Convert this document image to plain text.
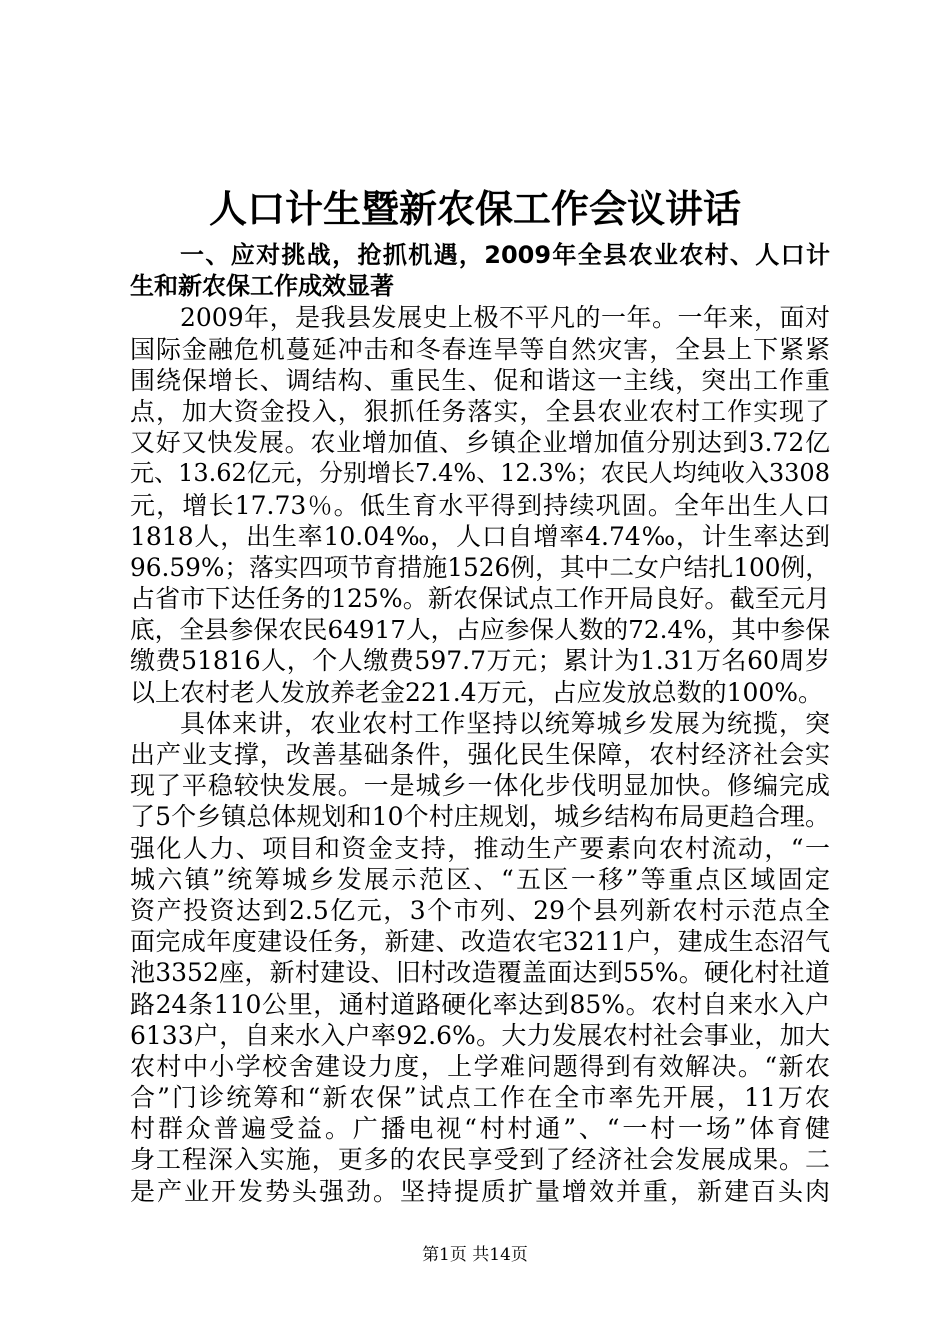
人口计生暨新农保工作会议讲话
一、应对挑战，抢抓机遇，2009年全县农业农村、人口计
生和新农保工作成效显著
2009年，是我县发展史上极不平凡的一年。一年来，面对
国际金融危机蔓延冲击和冬春连旱等自然灾害，全县上下紧紧
围绕保增长、调结构、重民生、促和谐这一主线，突出工作重
点，加大资金投入，狠抓任务落实，全县农业农村工作实现了
又好又快发展。农业增加值、乡镇企业增加值分别达到3.72亿
元、13.62亿元，分别增长7.4%、12.3%；农民人均纯收入3308
元，增长17.73％。低生育水平得到持续巩固。全年出生人口
1818人，出生率10.04‰，人口自增率4.74‰，计生率达到
96.59%；落实四项节育措施1526例，其中二女户结扎100例，
占省市下达任务的125%。新农保试点工作开局良好。截至元月
底，全县参保农民64917人，占应参保人数的72.4%，其中参保
缴费51816人，个人缴费597.7万元；累计为1.31万名60周岁
以上农村老人发放养老金221.4万元，占应发放总数的100%。
具体来讲，农业农村工作坚持以统筹城乡发展为统揽，突
出产业支撑，改善基础条件，强化民生保障，农村经济社会实
现了平稳较快发展。一是城乡一体化步伐明显加快。修编完成
了5个乡镇总体规划和10个村庄规划，城乡结构布局更趋合理。
强化人力、项目和资金支持，推动生产要素向农村流动，“一
城六镇”统筹城乡发展示范区、“五区一移”等重点区域固定
资产投资达到2.5亿元，3个市列、29个县列新农村示范点全
面完成年度建设任务，新建、改造农宅3211户，建成生态沼气
池3352座，新村建设、旧村改造覆盖面达到55%。硬化村社道
路24条110公里，通村道路硬化率达到85%。农村自来水入户
6133户，自来水入户率92.6%。大力发展农村社会事业，加大
农村中小学校舍建设力度，上学难问题得到有效解决。“新农
合”门诊统筹和“新农保”试点工作在全市率先开展，11万农
村群众普遍受益。广播电视“村村通”、“一村一场”体育健
身工程深入实施，更多的农民享受到了经济社会发展成果。二
是产业开发势头强劲。坚持提质扩量增效并重，新建百头肉
第1页 共14页
